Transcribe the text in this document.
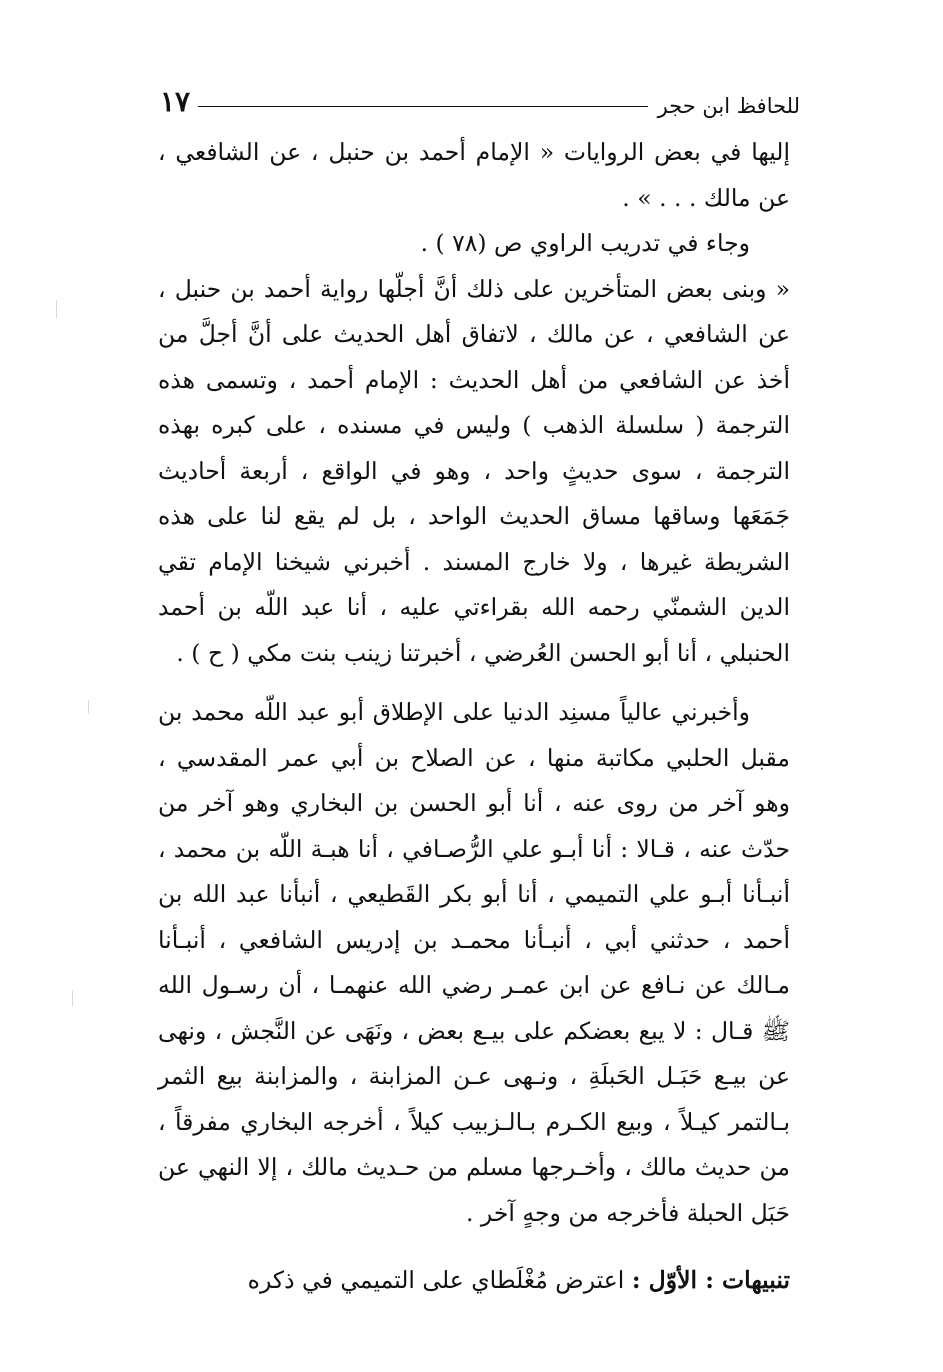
للحافظ ابن حجر
١٧

إليها في بعض الروايات « الإمام أحمد بن حنبل ، عن الشافعي ، عن مالك . . . » .

وجاء في تدريب الراوي ص (٧٨ ) .

« وبنى بعض المتأخرين على ذلك أنَّ أجلّها رواية أحمد بن حنبل ، عن الشافعي ، عن مالك ، لاتفاق أهل الحديث على أنَّ أجلَّ من أخذ عن الشافعي من أهل الحديث : الإمام أحمد ، وتسمى هذه الترجمة ( سلسلة الذهب ) وليس في مسنده ، على كبره بهذه الترجمة ، سوى حديثٍ واحد ، وهو في الواقع ، أربعة أحاديث جَمَعَها وساقها مساق الحديث الواحد ، بل لم يقع لنا على هذه الشريطة غيرها ، ولا خارج المسند . أخبرني شيخنا الإمام تقي الدين الشمنّي رحمه الله بقراءتي عليه ، أنا عبد اللّه بن أحمد الحنبلي ، أنا أبو الحسن العُرضي ، أخبرتنا زينب بنت مكي ( ح ) .

وأخبرني عالياً مسنِد الدنيا على الإطلاق أبو عبد اللّه محمد بن مقبل الحلبي مكاتبة منها ، عن الصلاح بن أبي عمر المقدسي ، وهو آخر من روى عنه ، أنا أبو الحسن بن البخاري وهو آخر من حدّث عنه ، قـالا : أنا أبـو علي الرُّصـافي ، أنا هبـة اللّه بن محمد ، أنبـأنا أبـو علي التميمي ، أنا أبو بكر القَطيعي ، أنبأنا عبد الله بن أحمد ، حدثني أبي ، أنبـأنا محمـد بن إدريس الشافعي ، أنبـأنا مـالك عن نـافع عن ابن عمـر رضي الله عنهمـا ، أن رسـول الله ﷺ قـال : لا يبع بعضكم على بيـع بعض ، ونَهَى عن النَّجش ، ونهى عن بيـع حَبَـل الحَبلَةِ ، ونـهى عـن المزابنة ، والمزابنة بيع الثمر بـالتمر كيـلاً ، وبيع الكـرم بـالـزبيب كيلاً ، أخرجه البخاري مفرقاً ، من حديث مالك ، وأخـرجها مسلم من حـديث مالك ، إلا النهي عن حَبَل الحبلة فأخرجه من وجهٍ آخر .

تنبيهات : الأوّل : اعترض مُغْلَطاي على التميمي في ذكره
